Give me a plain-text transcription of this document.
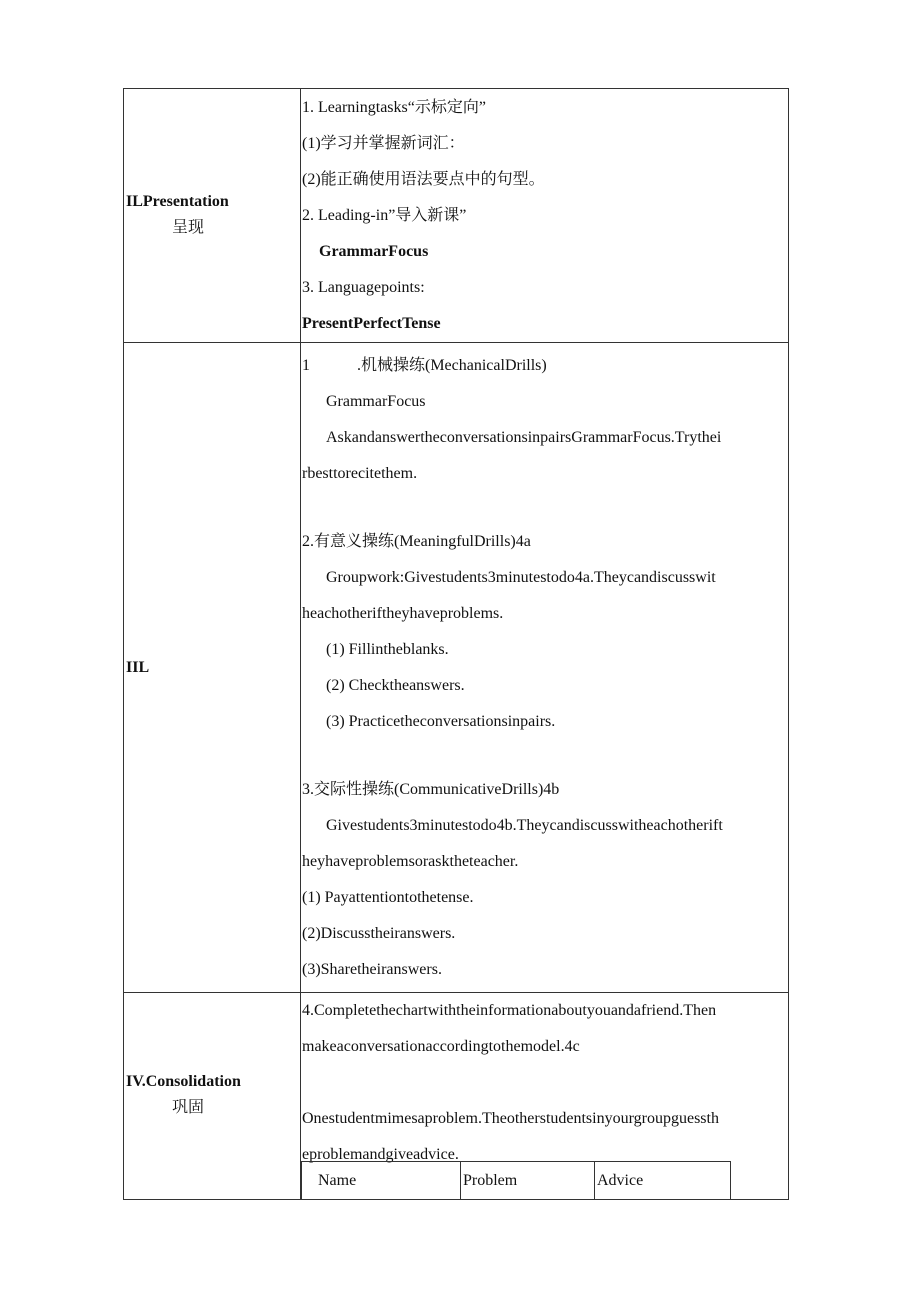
ILPresentation
呈现

1. Learningtasks“示标定向”
(1)学习并掌握新词汇：
(2)能正确使用语法要点中的句型。
2. Leading-in”导入新课”
GrammarFocus
3. Languagepoints:
PresentPerfectTense

IIL

1	.机械操练(MechanicalDrills)
GrammarFocus
AskandanswertheconversationsinpairsGrammarFocus.Trythei
rbesttorecitethem.
2.有意义操练(MeaningfulDrills)4a
Groupwork:Givestudents3minutestodo4a.Theycandiscusswit
heachotheriftheyhaveproblems.
(1) Fillintheblanks.
(2) Checktheanswers.
(3) Practicetheconversationsinpairs.
3.交际性操练(CommunicativeDrills)4b
Givestudents3minutestodo4b.Theycandiscusswitheachotherift
heyhaveproblemsorasktheteacher.
(1) Payattentiontothetense.
(2)Discusstheiranswers.
(3)Sharetheiranswers.

IV.Consolidation
巩固

4.Completethechartwiththeinformationaboutyouandafriend.Then
makeaconversationaccordingtothemodel.4c
Onestudentmimesaproblem.Theotherstudentsinyourgroupguessth
eproblemandgiveadvice.
Name	Problem	Advice
